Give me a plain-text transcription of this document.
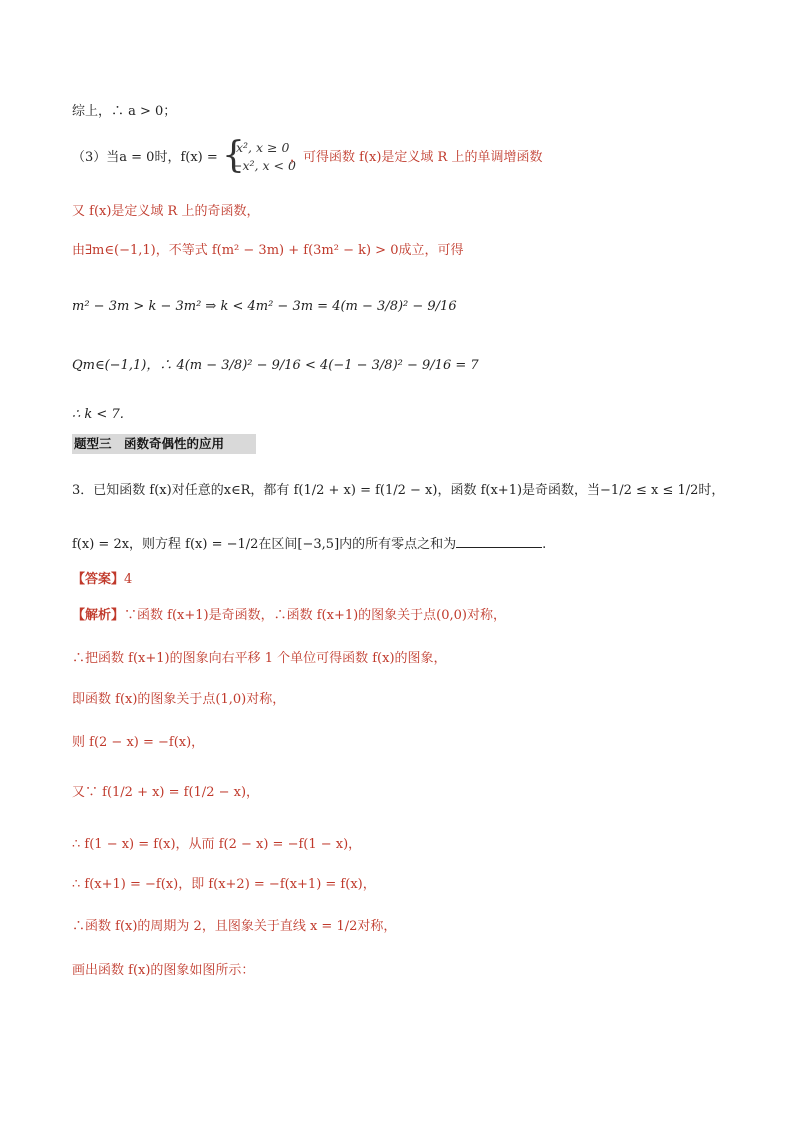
综上，∴ a > 0；
（3）当a = 0时，f(x) = {
x², x ≥ 0
−x², x < 0
，可得函数 f(x)是定义域 R 上的单调增函数
又 f(x)是定义域 R 上的奇函数，
由∃m∈(−1,1)，不等式 f(m² − 3m) + f(3m² − k) > 0成立，可得
m² − 3m > k − 3m² ⇒ k < 4m² − 3m = 4(m − 3/8)² − 9/16
Qm∈(−1,1)，∴ 4(m − 3/8)² − 9/16 < 4(−1 − 3/8)² − 9/16 = 7
∴ k < 7.
题型三　函数奇偶性的应用
3．已知函数 f(x)对任意的x∈R，都有 f(1/2 + x) = f(1/2 − x)，函数 f(x+1)是奇函数，当−1/2 ≤ x ≤ 1/2时，
f(x) = 2x，则方程 f(x) = −1/2在区间[−3,5]内的所有零点之和为	.
【答案】4
【解析】∵函数 f(x+1)是奇函数，∴函数 f(x+1)的图象关于点(0,0)对称，
∴把函数 f(x+1)的图象向右平移 1 个单位可得函数 f(x)的图象，
即函数 f(x)的图象关于点(1,0)对称，
则 f(2 − x) = −f(x)，
又∵ f(1/2 + x) = f(1/2 − x)，
∴ f(1 − x) = f(x)，从而 f(2 − x) = −f(1 − x)，
∴ f(x+1) = −f(x)，即 f(x+2) = −f(x+1) = f(x)，
∴函数 f(x)的周期为 2，且图象关于直线 x = 1/2对称，
画出函数 f(x)的图象如图所示：
